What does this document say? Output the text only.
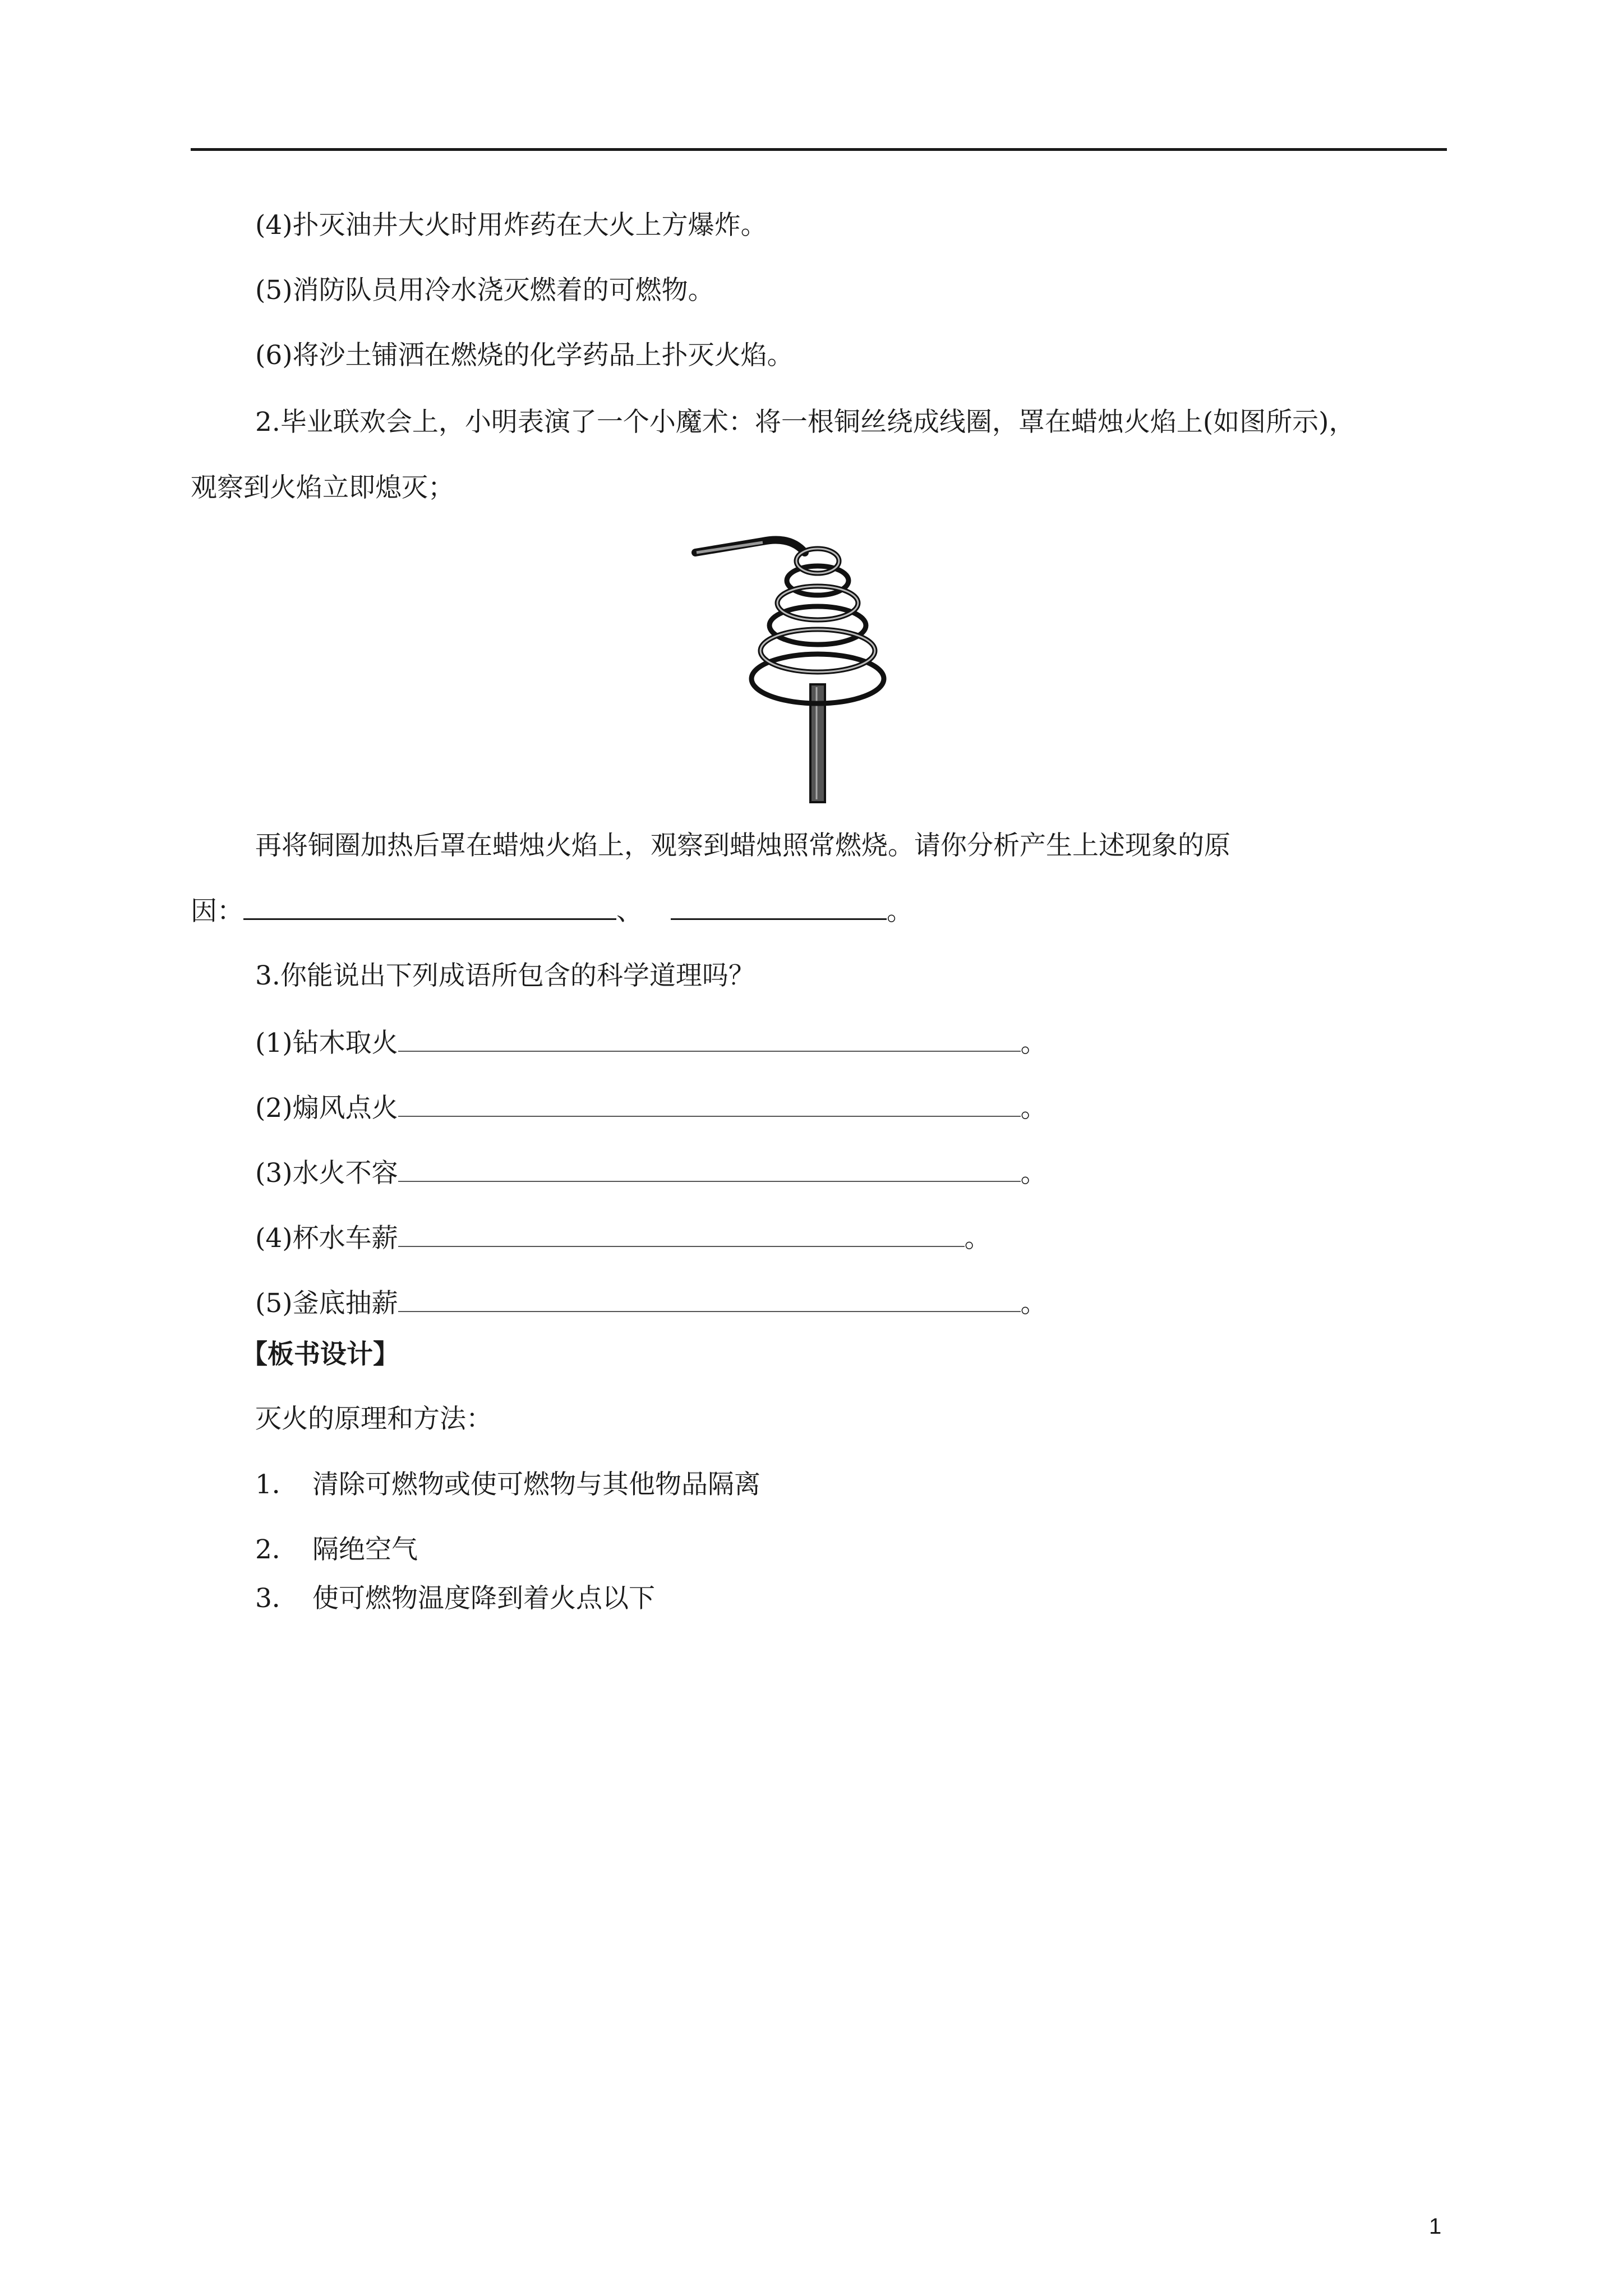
(4)扑灭油井大火时用炸药在大火上方爆炸。
(5)消防队员用冷水浇灭燃着的可燃物。
(6)将沙土铺洒在燃烧的化学药品上扑灭火焰。
2.毕业联欢会上，小明表演了一个小魔术：将一根铜丝绕成线圈，罩在蜡烛火焰上(如图所示)，
观察到火焰立即熄灭；
再将铜圈加热后罩在蜡烛火焰上，观察到蜡烛照常燃烧。请你分析产生上述现象的原
因：	、	。
3.你能说出下列成语所包含的科学道理吗？
(1)钻木取火	。
(2)煽风点火	。
(3)水火不容	。
(4)杯水车薪	。
(5)釜底抽薪	。
【板书设计】
灭火的原理和方法：
1． 清除可燃物或使可燃物与其他物品隔离
2． 隔绝空气
3． 使可燃物温度降到着火点以下
1
